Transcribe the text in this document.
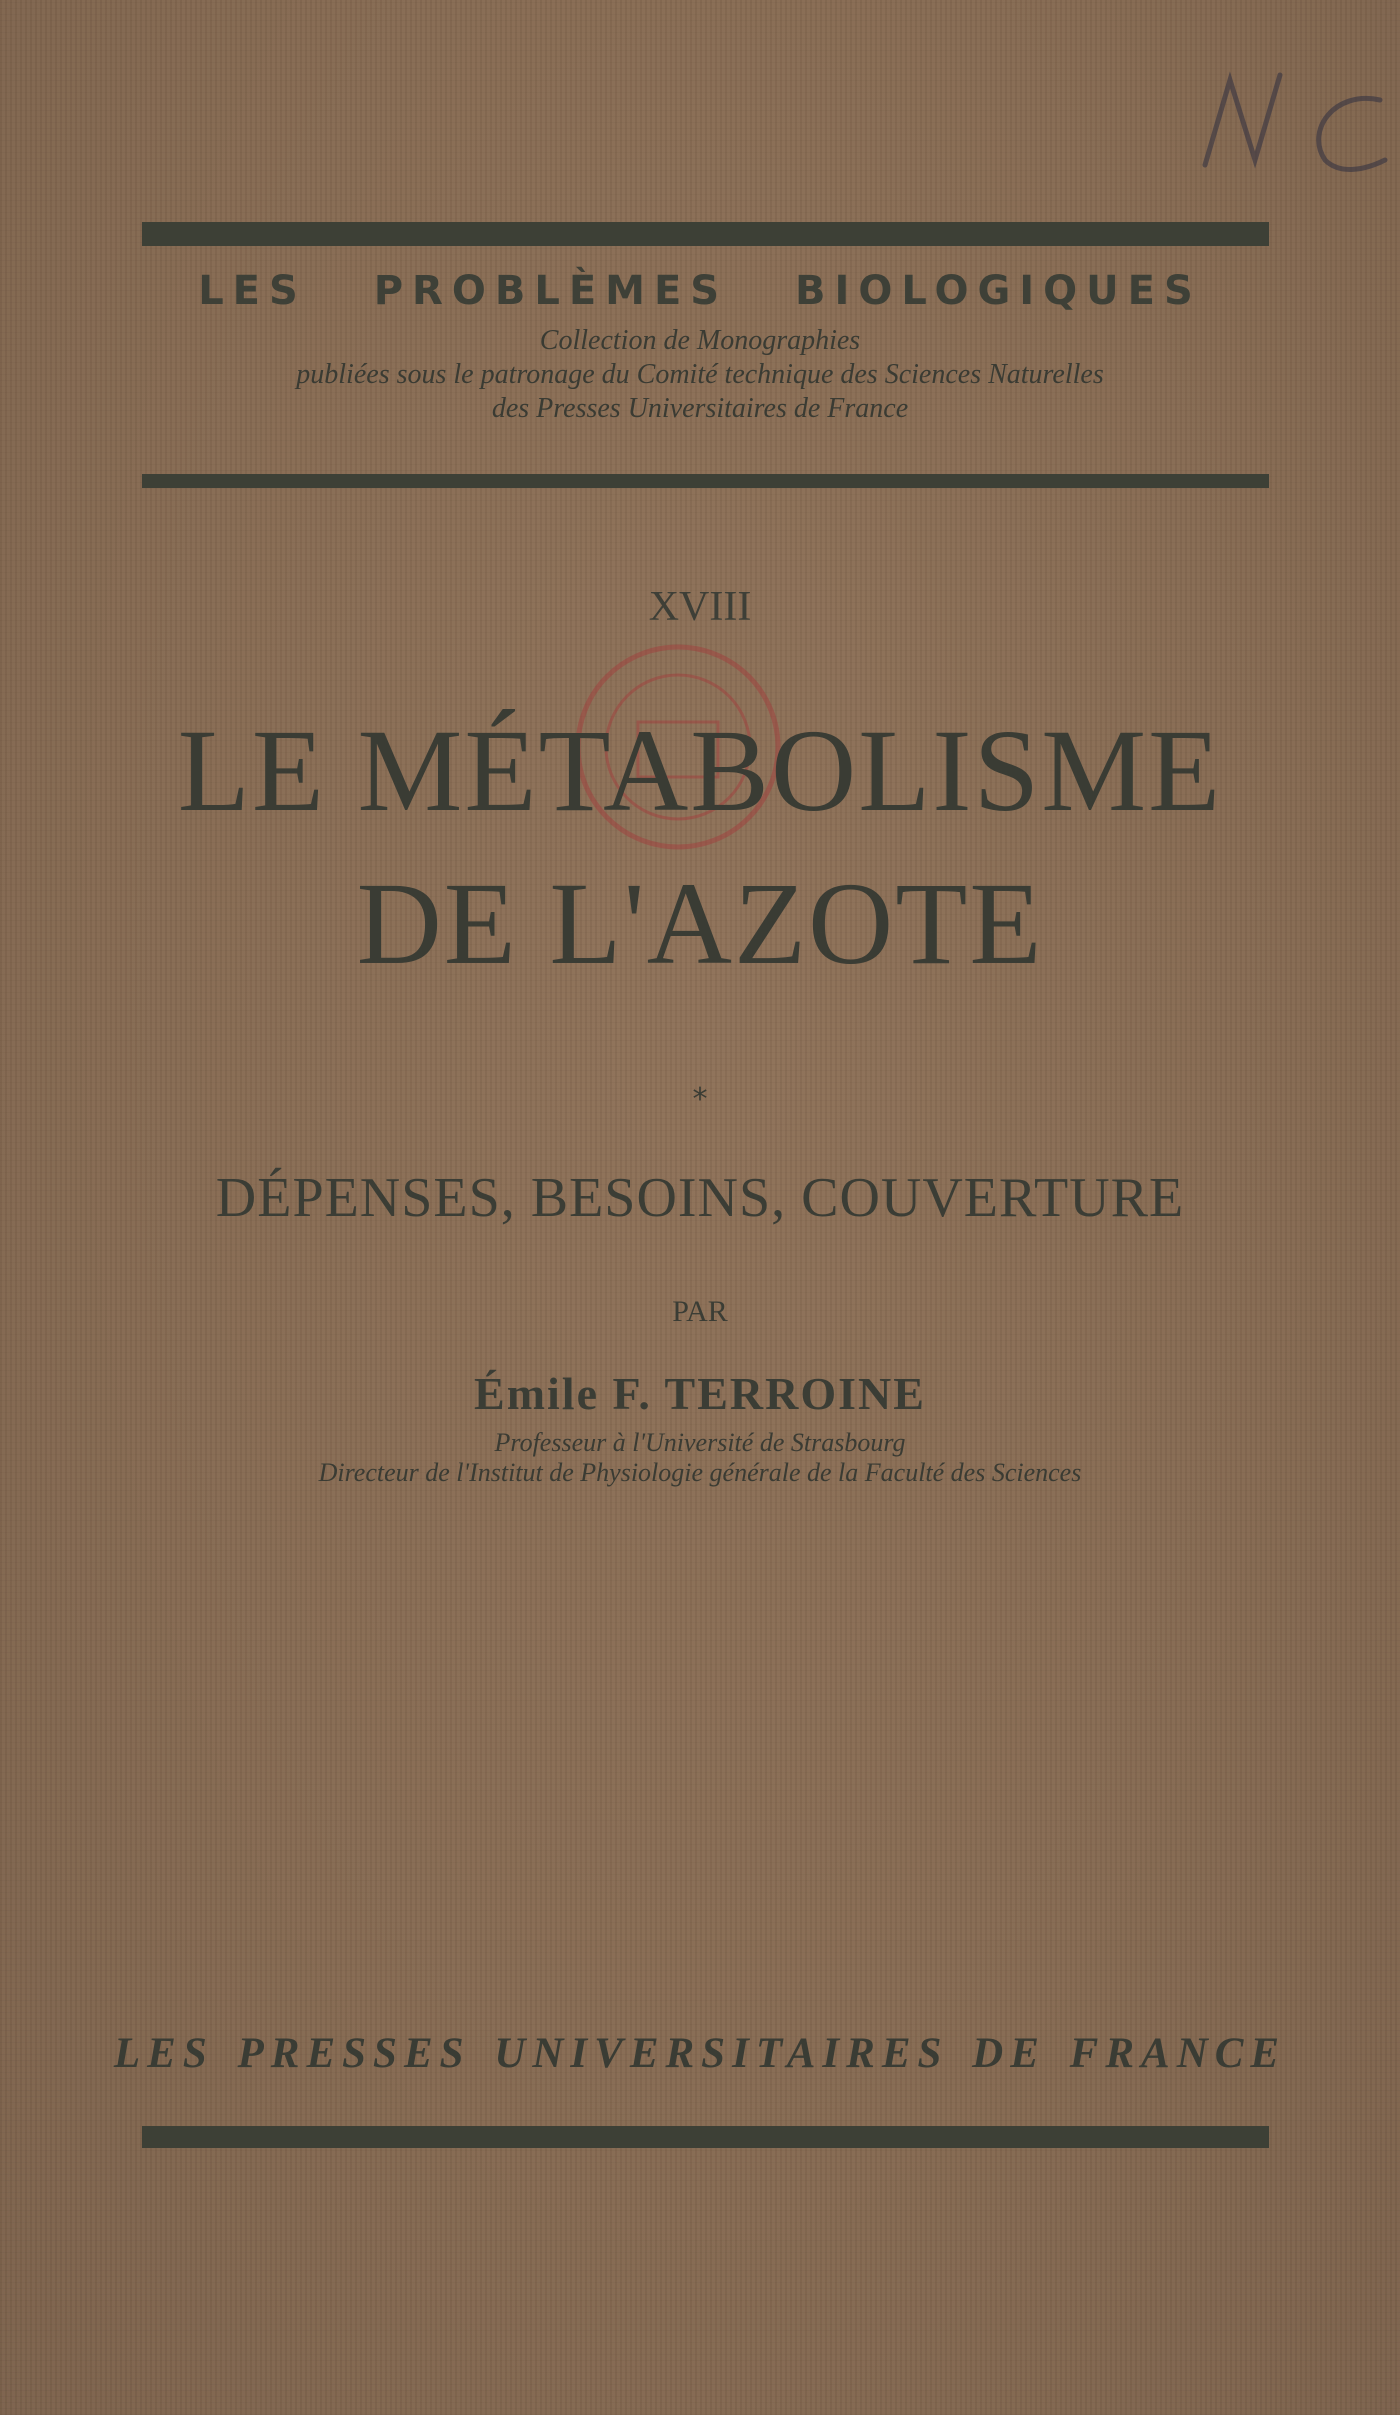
LES PROBLÈMES BIOLOGIQUES
Collection de Monographies
publiées sous le patronage du Comité technique des Sciences Naturelles
des Presses Universitaires de France
XVIII
LE MÉTABOLISME
DE L'AZOTE
*
DÉPENSES, BESOINS, COUVERTURE
PAR
Émile F. TERROINE
Professeur à l'Université de Strasbourg
Directeur de l'Institut de Physiologie générale de la Faculté des Sciences
LES PRESSES UNIVERSITAIRES DE FRANCE
